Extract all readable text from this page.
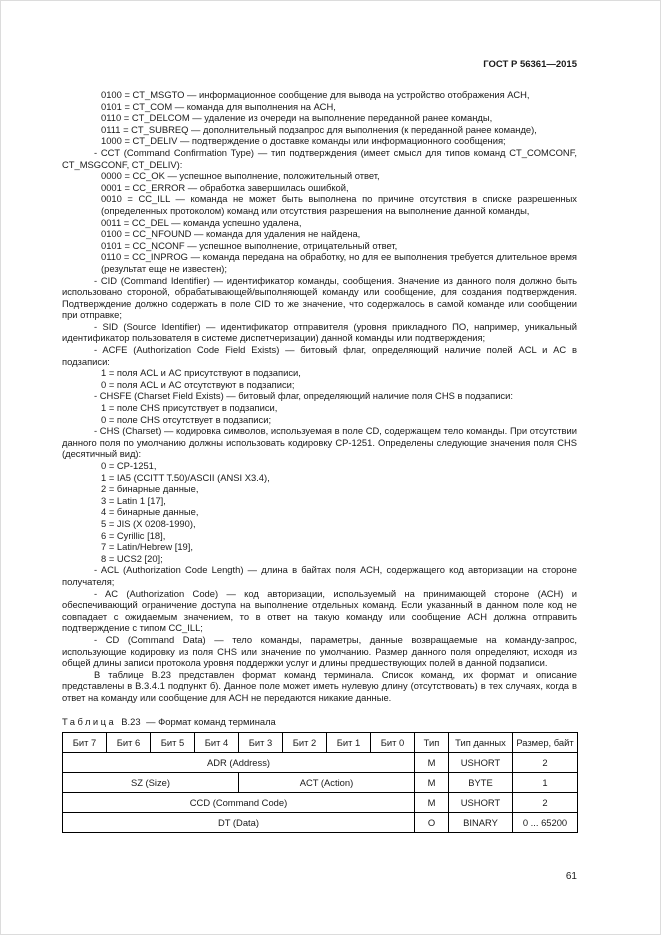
ГОСТ Р 56361—2015

0100 = CT_MSGTO — информационное сообщение для вывода на устройство отображения АСН,

0101 = CT_COM — команда для выполнения на АСН,

0110 = CT_DELCOM — удаление из очереди на выполнение переданной ранее команды,

0111 = CT_SUBREQ — дополнительный подзапрос для выполнения (к переданной ранее команде),

1000 = CT_DELIV — подтверждение о доставке команды или информационного сообщения;

- CCT (Command Confirmation Type) — тип подтверждения (имеет смысл для типов команд CT_COMCONF, CT_MSGCONF, CT_DELIV):

0000 = CC_OK — успешное выполнение, положительный ответ,

0001 = CC_ERROR — обработка завершилась ошибкой,

0010 = CC_ILL — команда не может быть выполнена по причине отсутствия в списке разрешенных (определенных протоколом) команд или отсутствия разрешения на выполнение данной команды,

0011 = CC_DEL — команда успешно удалена,

0100 = CC_NFOUND — команда для удаления не найдена,

0101 = CC_NCONF — успешное выполнение, отрицательный ответ,

0110 = CC_INPROG — команда передана на обработку, но для ее выполнения требуется длительное время (результат еще не известен);

- CID (Command Identifier) — идентификатор команды, сообщения. Значение из данного поля должно быть использовано стороной, обрабатывающей/выполняющей команду или сообщение, для создания подтверждения. Подтверждение должно содержать в поле CID то же значение, что содержалось в самой команде или сообщении при отправке;

- SID (Source Identifier) — идентификатор отправителя (уровня прикладного ПО, например, уникальный идентификатор пользователя в системе диспетчеризации) данной команды или подтверждения;

- ACFE (Authorization Code Field Exists) — битовый флаг, определяющий наличие полей ACL и AC в подзаписи:

1 = поля ACL и AC присутствуют в подзаписи,

0 = поля ACL и AC отсутствуют в подзаписи;

- CHSFE (Charset Field Exists) — битовый флаг, определяющий наличие поля CHS в подзаписи:

1 = поле CHS присутствует в подзаписи,

0 = поле CHS отсутствует в подзаписи;

- CHS (Charset) — кодировка символов, используемая в поле CD, содержащем тело команды. При отсутствии данного поля по умолчанию должны использовать кодировку CP-1251. Определены следующие значения поля CHS (десятичный вид):

0 = CP-1251,

1 = IA5 (CCITT T.50)/ASCII (ANSI X3.4),

2 = бинарные данные,

3 = Latin 1 [17],

4 = бинарные данные,

5 = JIS (X 0208-1990),

6 = Cyrillic [18],

7 = Latin/Hebrew [19],

8 = UCS2 [20];

- ACL (Authorization Code Length) — длина в байтах поля АСН, содержащего код авторизации на стороне получателя;

- AC (Authorization Code) — код авторизации, используемый на принимающей стороне (АСН) и обеспечивающий ограничение доступа на выполнение отдельных команд. Если указанный в данном поле код не совпадает с ожидаемым значением, то в ответ на такую команду или сообщение АСН должна отправить подтверждение с типом CC_ILL;

- CD (Command Data) — тело команды, параметры, данные возвращаемые на команду-запрос, использующие кодировку из поля CHS или значение по умолчанию. Размер данного поля определяют, исходя из общей длины записи протокола уровня поддержки услуг и длины предшествующих полей в данной подзаписи.

В таблице В.23 представлен формат команд терминала. Список команд, их формат и описание представлены в В.3.4.1 подпункт б). Данное поле может иметь нулевую длину (отсутствовать) в тех случаях, когда в ответ на команду или сообщение для АСН не передаются никакие данные.

Таблица В.23 — Формат команд терминала
Бит 7	Бит 6	Бит 5	Бит 4	Бит 3	Бит 2	Бит 1	Бит 0	Тип	Тип данных	Размер, байт
ADR (Address)								M	USHORT	2
SZ (Size)				ACT (Action)				M	BYTE	1
CCD (Command Code)								M	USHORT	2
DT (Data)								O	BINARY	0 ... 65200
61
